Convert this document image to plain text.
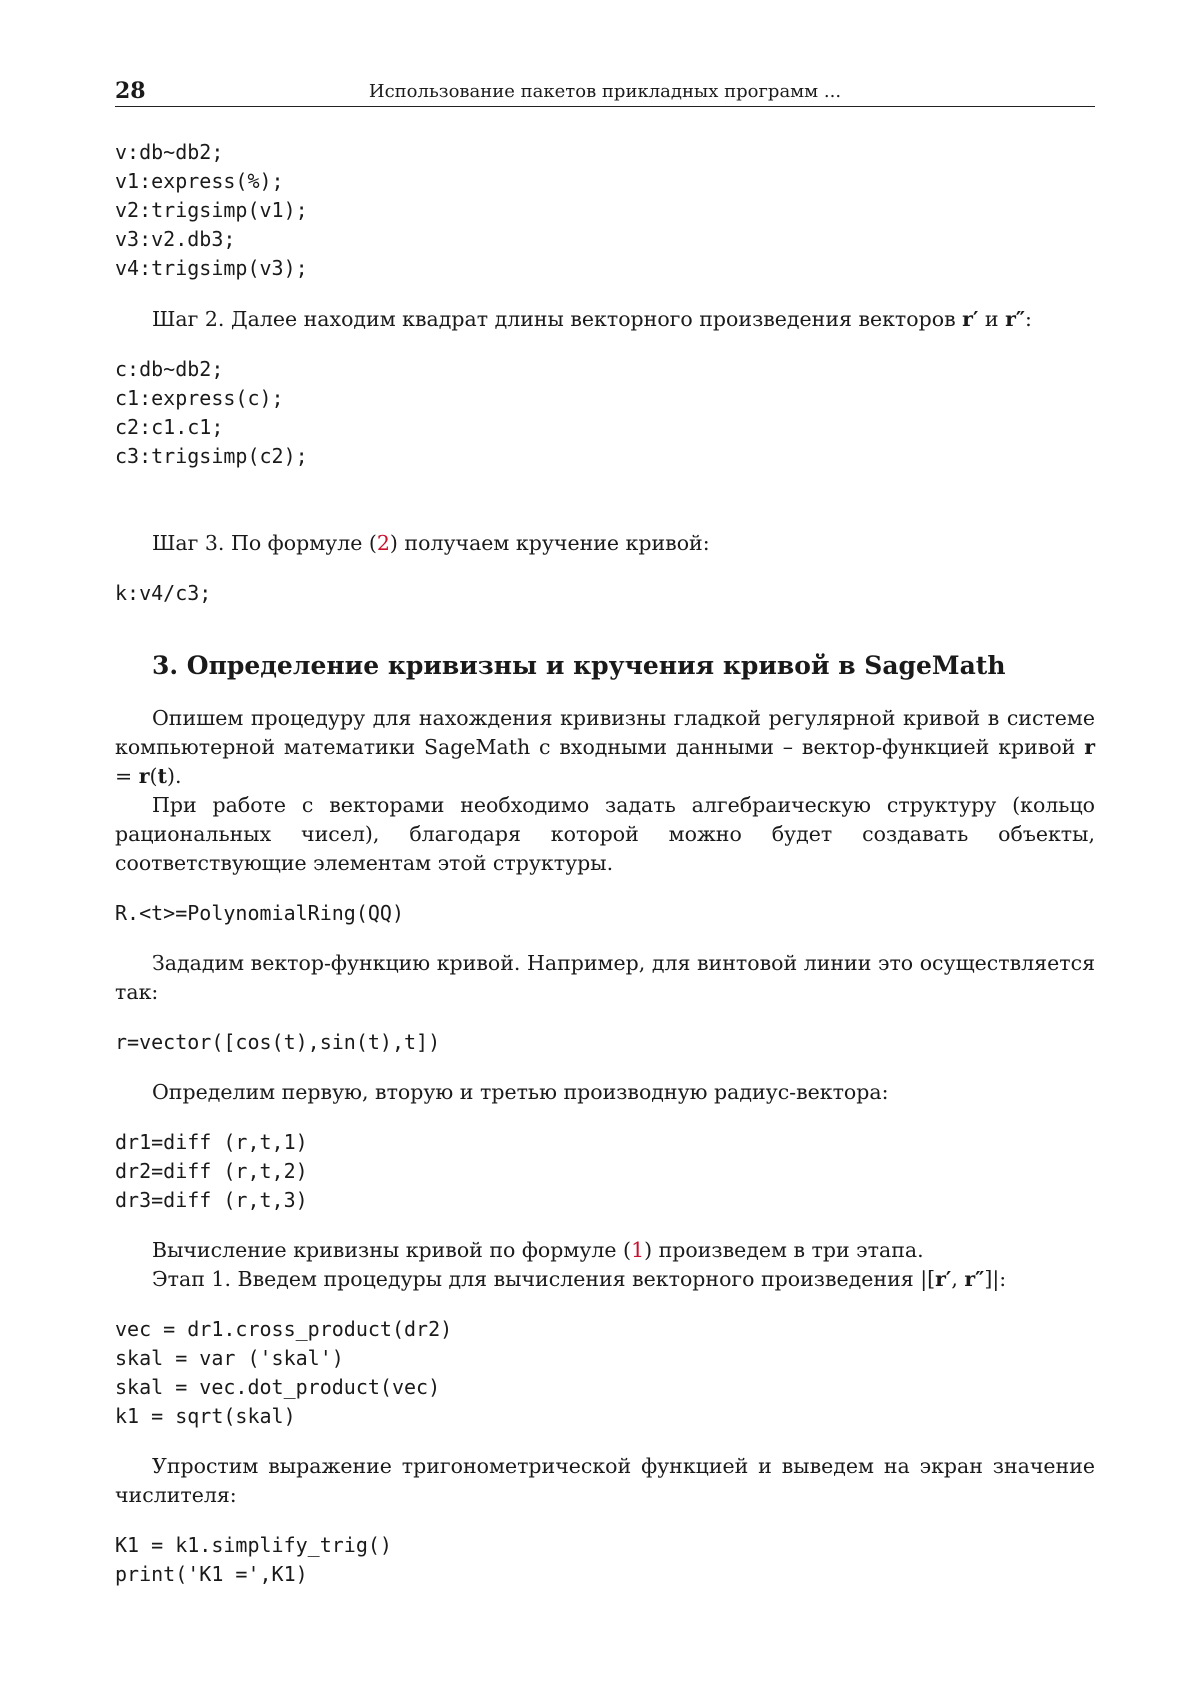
28	Использование пакетов прикладных программ ...
v:db~db2;
v1:express(%);
v2:trigsimp(v1);
v3:v2.db3;
v4:trigsimp(v3);

Шаг 2. Далее находим квадрат длины векторного произведения векторов r′ и r″:

c:db~db2;
c1:express(c);
c2:c1.c1;
c3:trigsimp(c2);

Шаг 3. По формуле (2) получаем кручение кривой:

k:v4/c3;
3. Определение кривизны и кручения кривой в SageMath

Опишем процедуру для нахождения кривизны гладкой регулярной кривой в системе компьютерной математики SageMath с входными данными – вектор-функцией кривой r = r(t).

При работе с векторами необходимо задать алгебраическую структуру (кольцо рациональных чисел), благодаря которой можно будет создавать объекты, соответствующие элементам этой структуры.

R.<t>=PolynomialRing(QQ)

Зададим вектор-функцию кривой. Например, для винтовой линии это осуществляется так:

r=vector([cos(t),sin(t),t])

Определим первую, вторую и третью производную радиус-вектора:

dr1=diff (r,t,1)
dr2=diff (r,t,2)
dr3=diff (r,t,3)

Вычисление кривизны кривой по формуле (1) произведем в три этапа.

Этап 1. Введем процедуры для вычисления векторного произведения |[r′, r″]|:

vec = dr1.cross_product(dr2)
skal = var ('skal')
skal = vec.dot_product(vec)
k1 = sqrt(skal)

Упростим выражение тригонометрической функцией и выведем на экран значение числителя:

K1 = k1.simplify_trig()
print('K1 =',K1)
